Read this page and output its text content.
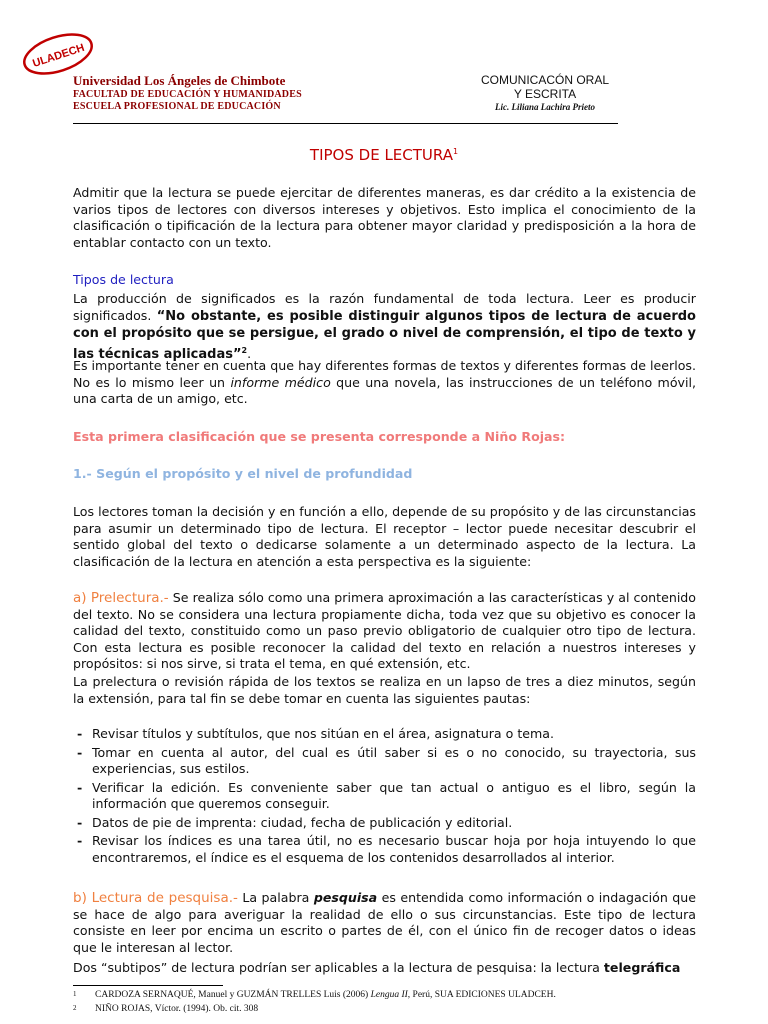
ULADECH
Universidad Los Ángeles de Chimbote
FACULTAD DE EDUCACIÓN Y HUMANIDADES
ESCUELA PROFESIONAL DE EDUCACIÓN
COMUNICACÓN ORAL
Y ESCRITA
Lic. Liliana Lachira Prieto
TIPOS DE LECTURA$^1$
Admitir que la lectura se puede ejercitar de diferentes maneras, es dar crédito a la existencia de varios tipos de lectores con diversos intereses y objetivos. Esto implica el conocimiento de la clasificación o tipificación de la lectura para obtener mayor claridad y predisposición a la hora de entablar contacto con un texto.
Tipos de lectura
La producción de significados es la razón fundamental de toda lectura. Leer es producir significados. “No obstante, es posible distinguir algunos tipos de lectura de acuerdo con el propósito que se persigue, el grado o nivel de comprensión, el tipo de texto y las técnicas aplicadas”$^2$.
Es importante tener en cuenta que hay diferentes formas de textos y diferentes formas de leerlos. No es lo mismo leer un informe médico que una novela, las instrucciones de un teléfono móvil, una carta de un amigo, etc.
Esta primera clasificación que se presenta corresponde a Niño Rojas:
1.- Según el propósito y el nivel de profundidad
Los lectores toman la decisión y en función a ello, depende de su propósito y de las circunstancias para asumir un determinado tipo de lectura. El receptor – lector puede necesitar descubrir el sentido global del texto o dedicarse solamente a un determinado aspecto de la lectura. La clasificación de la lectura en atención a esta perspectiva es la siguiente:
a) Prelectura.- Se realiza sólo como una primera aproximación a las características y al contenido del texto. No se considera una lectura propiamente dicha, toda vez que su objetivo es conocer la calidad del texto, constituido como un paso previo obligatorio de cualquier otro tipo de lectura. Con esta lectura es posible reconocer la calidad del texto en relación a nuestros intereses y propósitos: si nos sirve, si trata el tema, en qué extensión, etc.
La prelectura o revisión rápida de los textos se realiza en un lapso de tres a diez minutos, según la extensión, para tal fin se debe tomar en cuenta las siguientes pautas:
- Revisar títulos y subtítulos, que nos sitúan en el área, asignatura o tema.
- Tomar en cuenta al autor, del cual es útil saber si es o no conocido, su trayectoria, sus experiencias, sus estilos.
- Verificar la edición. Es conveniente saber que tan actual o antiguo es el libro, según la información que queremos conseguir.
- Datos de pie de imprenta: ciudad, fecha de publicación y editorial.
- Revisar los índices es una tarea útil, no es necesario buscar hoja por hoja intuyendo lo que encontraremos, el índice es el esquema de los contenidos desarrollados al interior.
b) Lectura de pesquisa.- La palabra pesquisa es entendida como información o indagación que se hace de algo para averiguar la realidad de ello o sus circunstancias. Este tipo de lectura consiste en leer por encima un escrito o partes de él, con el único fin de recoger datos o ideas que le interesan al lector.
Dos “subtipos” de lectura podrían ser aplicables a la lectura de pesquisa: la lectura telegráfica
1 CARDOZA SERNAQUÉ, Manuel y GUZMÁN TRELLES Luis (2006) Lengua II, Perú, SUA EDICIONES ULADCEH.
2 NIÑO ROJAS, Víctor. (1994). Ob. cit. 308
